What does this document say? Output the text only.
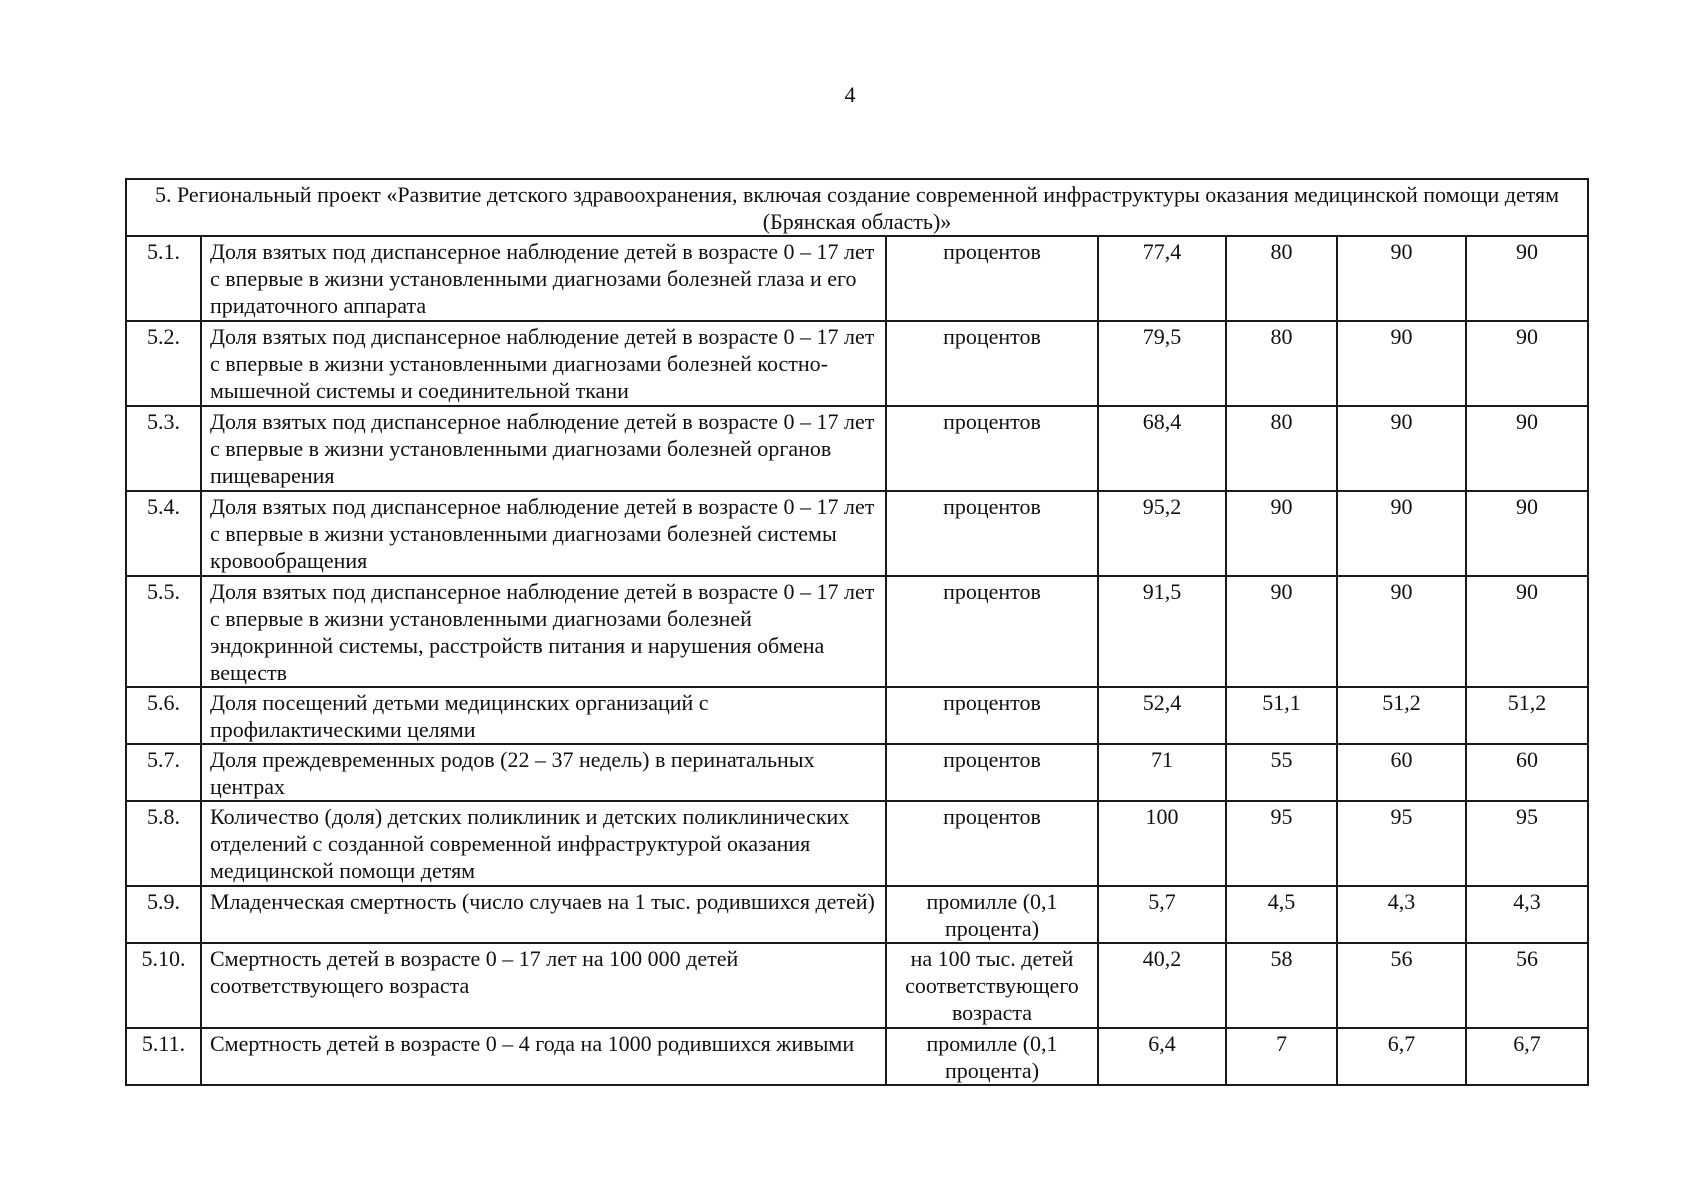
4
5. Региональный проект «Развитие детского здравоохранения, включая создание современной инфраструктуры оказания медицинской помощи детям (Брянская область)»						
5.1.	Доля взятых под диспансерное наблюдение детей в возрасте 0 – 17 лет с впервые в жизни установленными диагнозами болезней глаза и его придаточного аппарата	процентов	77,4	80	90	90
5.2.	Доля взятых под диспансерное наблюдение детей в возрасте 0 – 17 лет с впервые в жизни установленными диагнозами болезней костно-мышечной системы и соединительной ткани	процентов	79,5	80	90	90
5.3.	Доля взятых под диспансерное наблюдение детей в возрасте 0 – 17 лет с впервые в жизни установленными диагнозами болезней органов пищеварения	процентов	68,4	80	90	90
5.4.	Доля взятых под диспансерное наблюдение детей в возрасте 0 – 17 лет с впервые в жизни установленными диагнозами болезней системы кровообращения	процентов	95,2	90	90	90
5.5.	Доля взятых под диспансерное наблюдение детей в возрасте 0 – 17 лет с впервые в жизни установленными диагнозами болезней эндокринной системы, расстройств питания и нарушения обмена веществ	процентов	91,5	90	90	90
5.6.	Доля посещений детьми медицинских организаций с профилактическими целями	процентов	52,4	51,1	51,2	51,2
5.7.	Доля преждевременных родов (22 – 37 недель) в перинатальных центрах	процентов	71	55	60	60
5.8.	Количество (доля) детских поликлиник и детских поликлинических отделений с созданной современной инфраструктурой оказания медицинской помощи детям	процентов	100	95	95	95
5.9.	Младенческая смертность (число случаев на 1 тыс. родившихся детей)	промилле (0,1 процента)	5,7	4,5	4,3	4,3
5.10.	Смертность детей в возрасте 0 – 17 лет на 100 000 детей соответствующего возраста	на 100 тыс. детей соответствующего возраста	40,2	58	56	56
5.11.	Смертность детей в возрасте 0 – 4 года на 1000 родившихся живыми	промилле (0,1 процента)	6,4	7	6,7	6,7
